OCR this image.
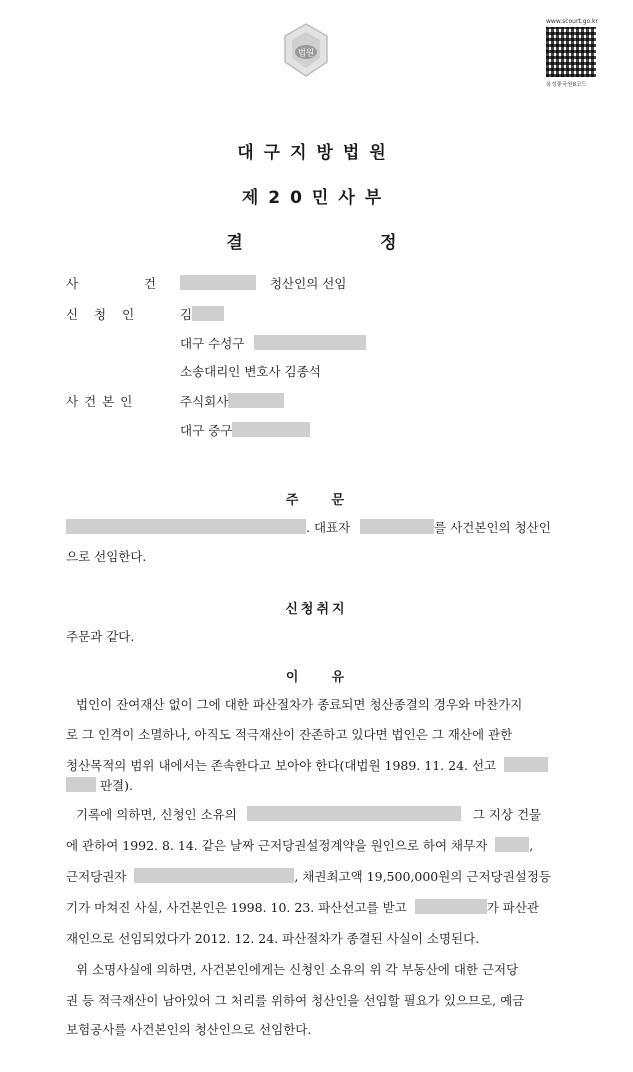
법원
www.scourt.go.kr
용성좋국원8코드
대구지방법원
제20민사부
결        정
사      건	청산인의 선임
신 청 인	김
대구 수성구
소송대리인 변호사 김종석
사건본인	주식회사
대구 중구
주    문
. 대표자	를 사건본인의 청산인
으로 선임한다.
신청취지
주문과 같다.
이    유
법인이 잔여재산 없이 그에 대한 파산절차가 종료되면 청산종결의 경우와 마찬가지
로 그 인격이 소멸하나, 아직도 적극재산이 잔존하고 있다면 법인은 그 재산에 관한
청산목적의 범위 내에서는 존속한다고 보아야 한다(대법원 1989. 11. 24. 선고
판결).
기록에 의하면, 신청인 소유의	그 지상 건물
에 관하여 1992. 8. 14. 같은 날짜 근저당권설정계약을 원인으로 하여 채무자	,
근저당권자	, 채권최고액 19,500,000원의 근저당권설정등
기가 마쳐진 사실, 사건본인은 1998. 10. 23. 파산선고를 받고	가 파산관
재인으로 선임되었다가 2012. 12. 24. 파산절차가 종결된 사실이 소명된다.
위 소명사실에 의하면, 사건본인에게는 신청인 소유의 위 각 부동산에 대한 근저당
권 등 적극재산이 남아있어 그 처리를 위하여 청산인을 선임할 필요가 있으므로, 예금
보험공사를 사건본인의 청산인으로 선임한다.
